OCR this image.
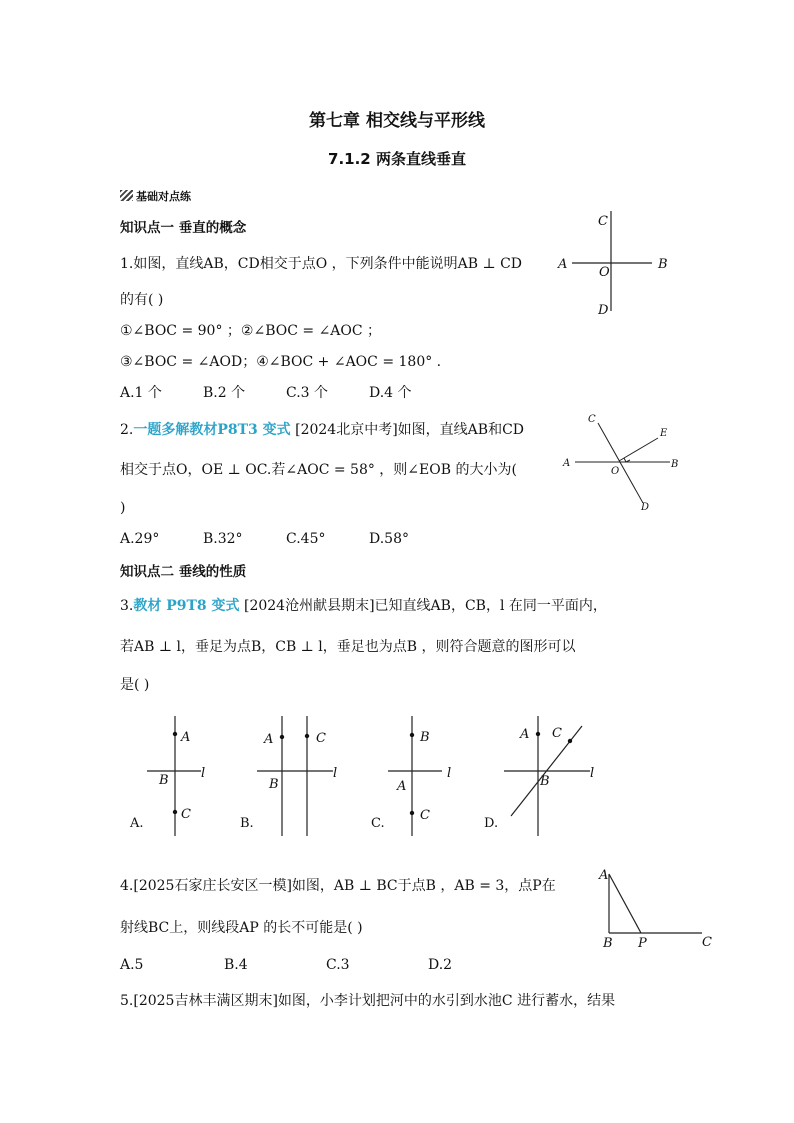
第七章 相交线与平形线
7.1.2 两条直线垂直
基础对点练
知识点一 垂直的概念
1.如图，直线AB，CD相交于点O ，下列条件中能说明AB ⊥ CD
的有( )
①∠BOC = 90° ；②∠BOC = ∠AOC ；
③∠BOC = ∠AOD；④∠BOC + ∠AOC = 180° .
A.1 个	B.2 个	C.3 个	D.4 个
A	B
C
D
O
2.一题多解教材P8T3 变式 [2024北京中考]如图，直线AB和CD
相交于点O，OE ⊥ OC.若∠AOC = 58° ，则∠EOB 的大小为(
)
A.29°	B.32°	C.45°	D.58°
A	B
C
D
E
O
知识点二 垂线的性质
3.教材 P9T8 变式 [2024沧州献县期末]已知直线AB，CB，l 在同一平面内，
若AB ⊥ l，垂足为点B，CB ⊥ l，垂足也为点B ，则符合题意的图形可以
是( )
A
B
C
l
A.
A	C
B
l
B.
B
A
C
l
C.
A C
B
l
D.
4.[2025石家庄长安区一模]如图，AB ⊥ BC于点B ，AB = 3，点P在
射线BC上，则线段AP 的长不可能是( )
A.5	B.4	C.3	D.2
A
B P	C
5.[2025吉林丰满区期末]如图，小李计划把河中的水引到水池C 进行蓄水，结果
